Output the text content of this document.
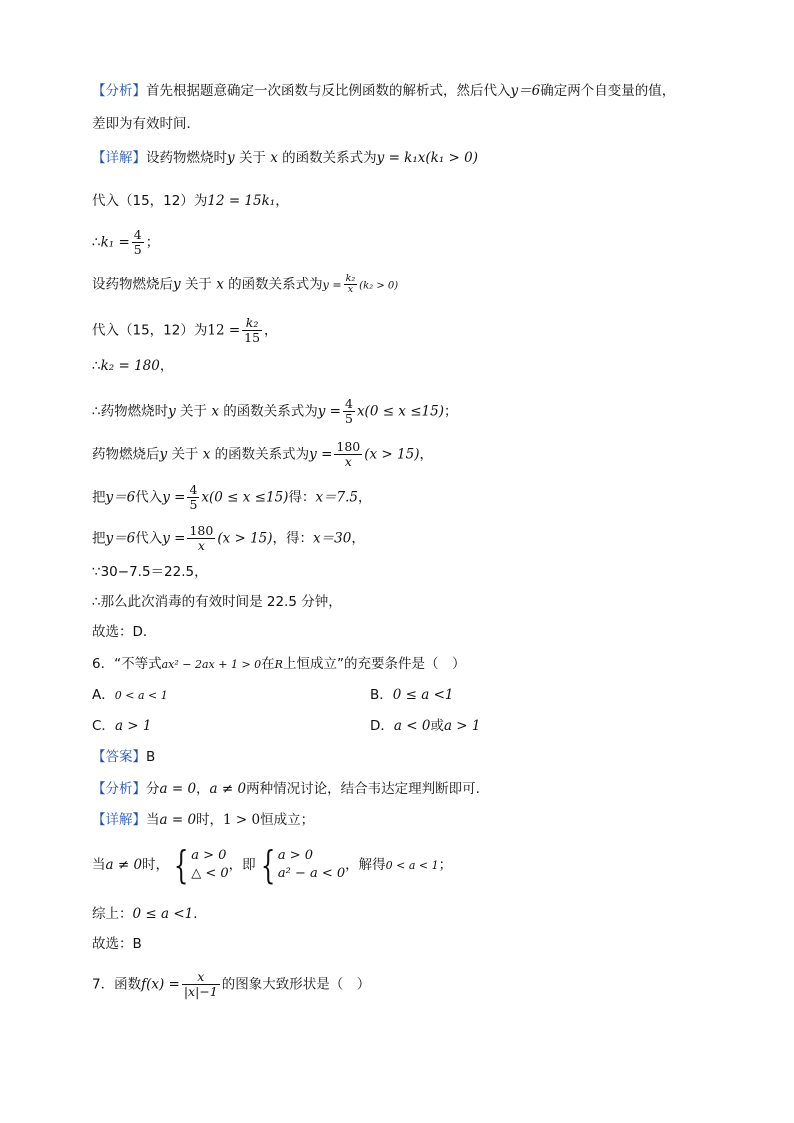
【分析】首先根据题意确定一次函数与反比例函数的解析式，然后代入y＝6确定两个自变量的值，
差即为有效时间．
【详解】设药物燃烧时y 关于 x 的函数关系式为y = k₁x(k₁ > 0)
代入（15，12）为12 = 15k₁，
∴k₁ = $\frac{4}{5}$ ；
设药物燃烧后y 关于 x 的函数关系式为$y = \frac{\text{k₂}}{x} (k_2 > 0)$
代入（15，12）为$12 = \frac{\text{k₂}}{15}$ ，
∴k₂ = 180，
∴药物燃烧时y 关于 x 的函数关系式为$y = \frac{4}{5} x(0 \le x \le 15)$；
药物燃烧后y 关于 x 的函数关系式为$y = \frac{180}{x} (x > 15)$，
把y＝6代入$y = \frac{4}{5} x(0 \le x \le 15)$得：x＝7.5，
把y＝6代入$y = \frac{180}{x} (x > 15)$，得：x＝30，
∵30−7.5＝22.5，
∴那么此次消毒的有效时间是 22.5 分钟，
故选：D．
6．“不等式ax² − 2ax + 1 > 0在R上恒成立”的充要条件是（　）
A．0 < a < 1	B．0 ≤ a <1
C．a > 1	D．a < 0或a > 1
【答案】B
【分析】分a = 0，a ≠ 0两种情况讨论，结合韦达定理判断即可.
【详解】当a = 0时，1 > 0恒成立；
当a ≠ 0时， { a > 0
△ < 0
，即 { a > 0
a² − a < 0
，解得0 < a < 1；
综上：0 ≤ a <1.
故选：B
7．函数$f(x) = \frac{x}{|x|-1}$ 的图象大致形状是（　）
